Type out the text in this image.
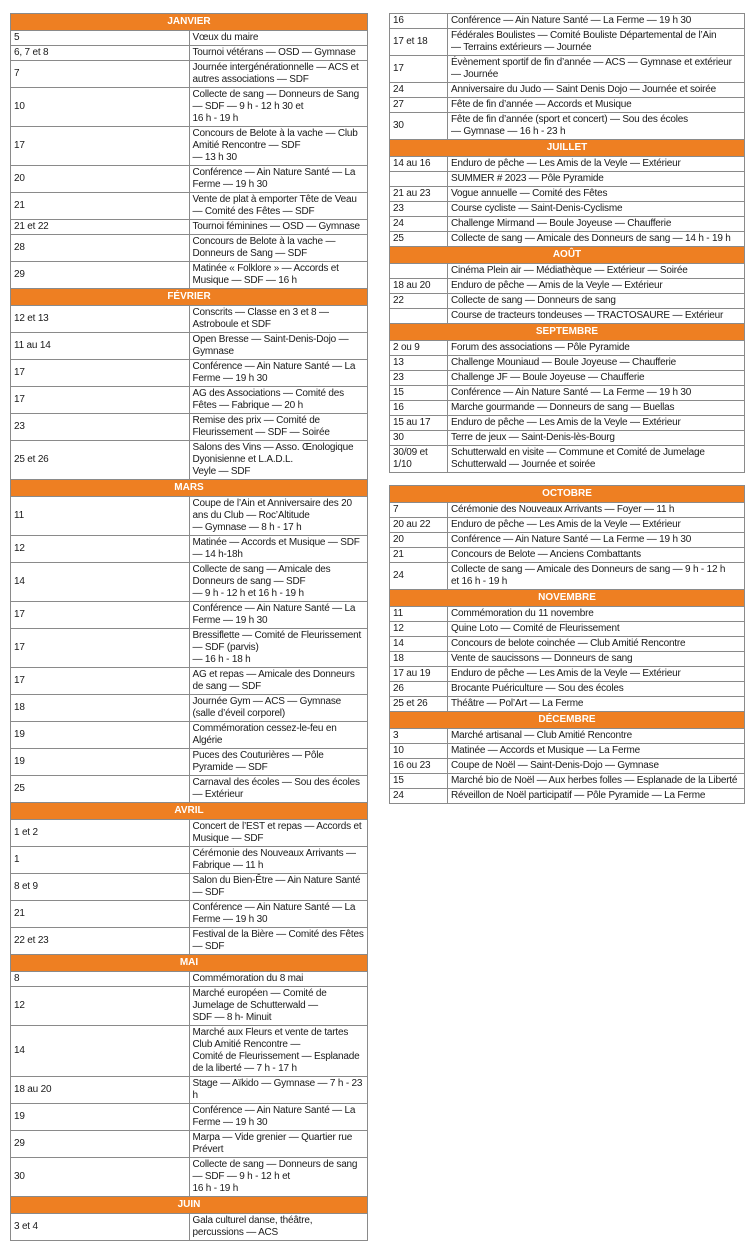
JANVIER	
5	Vœux du maire

6, 7 et 8	Tournoi vétérans — OSD — Gymnase

7	Journée intergénérationnelle — ACS et autres associations — SDF

10	Collecte de sang — Donneurs de Sang — SDF — 9 h - 12 h 30 et
16 h - 19 h

17	Concours de Belote à la vache — Club Amitié Rencontre — SDF
— 13 h 30

20	Conférence — Ain Nature Santé — La Ferme — 19 h 30

21	Vente de plat à emporter Tête de Veau — Comité des Fêtes — SDF

21 et 22	Tournoi féminines — OSD — Gymnase

28	Concours de Belote à la vache — Donneurs de Sang — SDF

29	Matinée « Folklore » — Accords et Musique — SDF — 16 h

FÉVRIER	
12 et 13	Conscrits — Classe en 3 et 8 — Astroboule et SDF

11 au 14	Open Bresse — Saint-Denis-Dojo — Gymnase

17	Conférence — Ain Nature Santé — La Ferme — 19 h 30

17	AG des Associations — Comité des Fêtes — Fabrique — 20 h

23	Remise des prix — Comité de Fleurissement — SDF — Soirée

25 et 26	Salons des Vins — Asso. Œnologique Dyonisienne et L.A.D.L.
Veyle — SDF

MARS	
11	Coupe de l’Ain et Anniversaire des 20 ans du Club — Roc’Altitude
— Gymnase — 8 h - 17 h

12	Matinée — Accords et Musique — SDF — 14 h-18h

14	Collecte de sang — Amicale des Donneurs de sang — SDF
— 9 h - 12 h et 16 h - 19 h

17	Conférence — Ain Nature Santé — La Ferme — 19 h 30

17	Bressiflette — Comité de Fleurissement — SDF (parvis)
— 16 h - 18 h

17	AG et repas — Amicale des Donneurs de sang — SDF

18	Journée Gym — ACS — Gymnase (salle d’éveil corporel)

19	Commémoration cessez-le-feu en Algérie

19	Puces des Couturières — Pôle Pyramide — SDF

25	Carnaval des écoles — Sou des écoles — Extérieur

AVRIL	
1 et 2	Concert de l’EST et repas — Accords et Musique — SDF

1	Cérémonie des Nouveaux Arrivants — Fabrique — 11 h

8 et 9	Salon du Bien-Être — Ain Nature Santé — SDF

21	Conférence — Ain Nature Santé — La Ferme — 19 h 30

22 et 23	Festival de la Bière — Comité des Fêtes — SDF

MAI	
8	Commémoration du 8 mai

12	Marché européen — Comité de Jumelage de Schutterwald —
SDF — 8 h- Minuit

14	Marché aux Fleurs et vente de tartes Club Amitié Rencontre —
Comité de Fleurissement — Esplanade de la liberté — 7 h - 17 h

18 au 20	Stage — Aïkido — Gymnase — 7 h - 23 h

19	Conférence — Ain Nature Santé — La Ferme — 19 h 30

29	Marpa — Vide grenier — Quartier rue Prévert

30	Collecte de sang — Donneurs de sang — SDF — 9 h - 12 h et
16 h - 19 h

JUIN	
3 et 4	Gala culturel danse, théâtre, percussions — ACS
16	Conférence — Ain Nature Santé — La Ferme — 19 h 30

17 et 18	Fédérales Boulistes — Comité Bouliste Départemental de l’Ain
— Terrains extérieurs — Journée

17	Évènement sportif de fin d’année — ACS — Gymnase et extérieur
— Journée

24	Anniversaire du Judo — Saint Denis Dojo — Journée et soirée

27	Fête de fin d’année — Accords et Musique

30	Fête de fin d’année (sport et concert) — Sou des écoles
— Gymnase — 16 h - 23 h

JUILLET	
14 au 16	Enduro de pêche — Les Amis de la Veyle — Extérieur

	SUMMER # 2023 — Pôle Pyramide

21 au 23	Vogue annuelle — Comité des Fêtes

23	Course cycliste — Saint-Denis-Cyclisme

24	Challenge Mirmand — Boule Joyeuse — Chaufferie

25	Collecte de sang — Amicale des Donneurs de sang — 14 h - 19 h

AOÛT	

	Cinéma Plein air — Médiathèque — Extérieur — Soirée

18 au 20	Enduro de pêche — Amis de la Veyle — Extérieur

22	Collecte de sang — Donneurs de sang

	Course de tracteurs tondeuses — TRACTOSAURE — Extérieur

SEPTEMBRE	
2 ou 9	Forum des associations — Pôle Pyramide

13	Challenge Mouniaud — Boule Joyeuse — Chaufferie

23	Challenge JF — Boule Joyeuse — Chaufferie

15	Conférence — Ain Nature Santé — La Ferme — 19 h 30

16	Marche gourmande — Donneurs de sang — Buellas

15 au 17	Enduro de pêche — Les Amis de la Veyle — Extérieur

30	Terre de jeux — Saint-Denis-lès-Bourg

30/09 et 1/10	Schutterwald en visite — Commune et Comité de Jumelage
Schutterwald — Journée et soirée

OCTOBRE	
7	Cérémonie des Nouveaux Arrivants — Foyer — 11 h

20 au 22	Enduro de pêche — Les Amis de la Veyle — Extérieur

20	Conférence — Ain Nature Santé — La Ferme — 19 h 30

21	Concours de Belote — Anciens Combattants

24	Collecte de sang — Amicale des Donneurs de sang — 9 h - 12 h
et 16 h - 19 h

NOVEMBRE	
11	Commémoration du 11 novembre

12	Quine Loto — Comité de Fleurissement

14	Concours de belote coinchée — Club Amitié Rencontre

18	Vente de saucissons — Donneurs de sang

17 au 19	Enduro de pêche — Les Amis de la Veyle — Extérieur

26	Brocante Puériculture — Sou des écoles

25 et 26	Théâtre — Pol’Art — La Ferme

DÉCEMBRE	
3	Marché artisanal — Club Amitié Rencontre

10	Matinée — Accords et Musique — La Ferme

16 ou 23	Coupe de Noël — Saint-Denis-Dojo — Gymnase

15	Marché bio de Noël — Aux herbes folles — Esplanade de la Liberté

24	Réveillon de Noël participatif — Pôle Pyramide — La Ferme
